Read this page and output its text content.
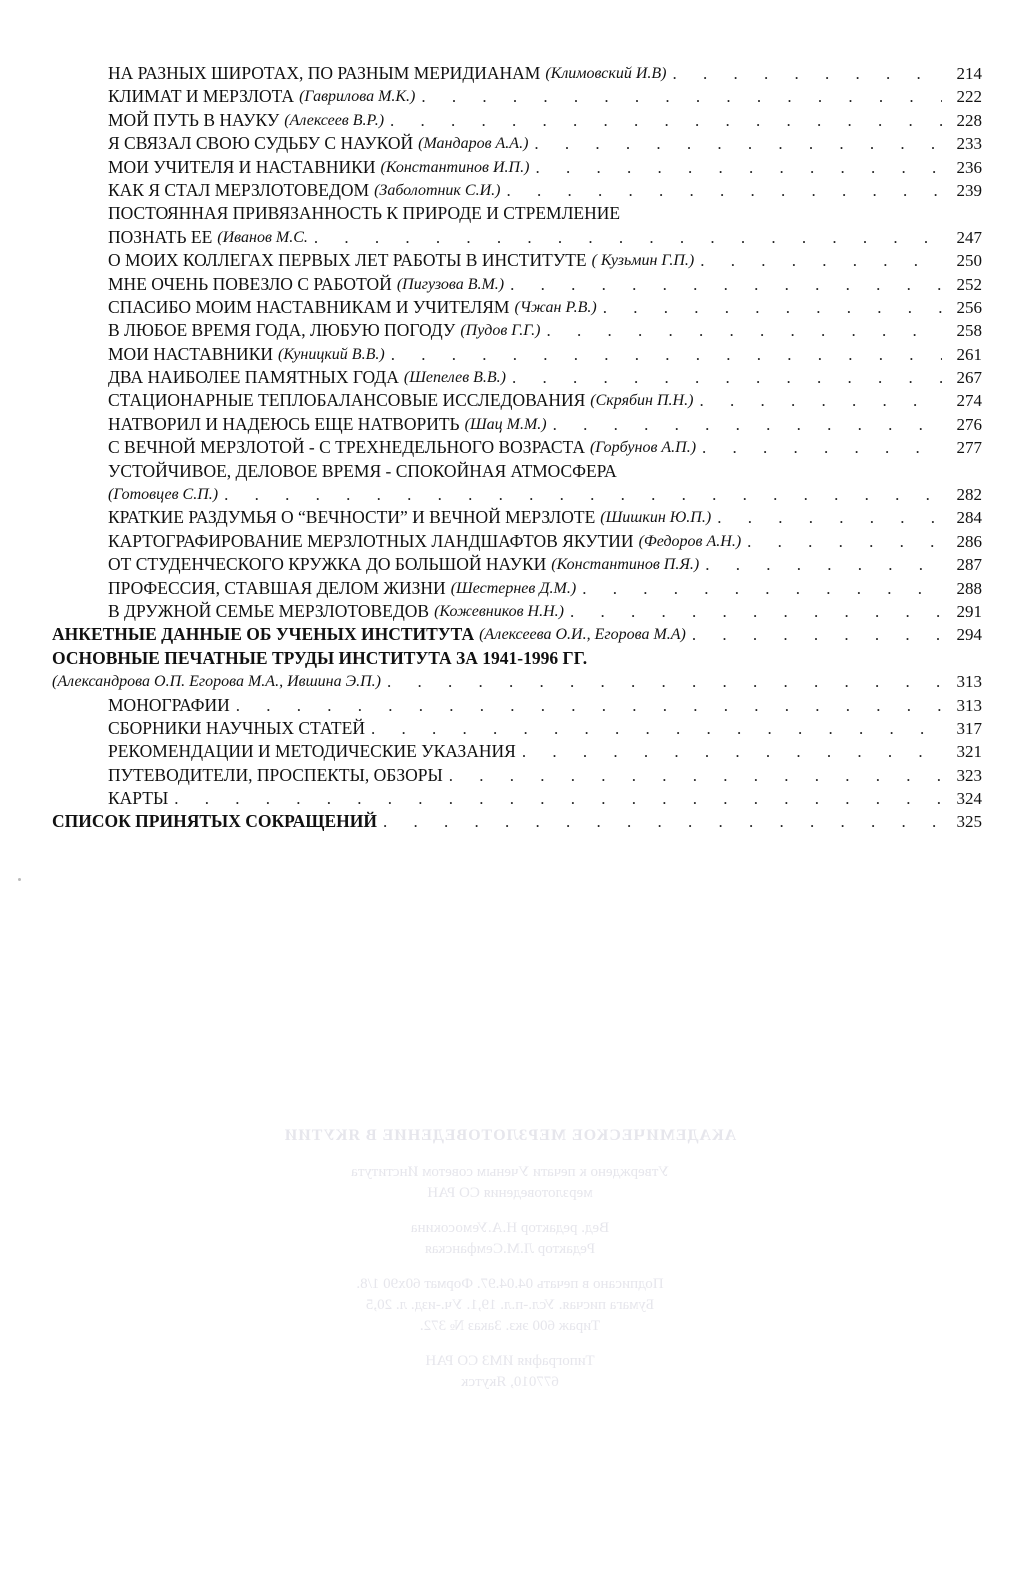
НА РАЗНЫХ ШИРОТАХ, ПО РАЗНЫМ МЕРИДИАНАМ (Климовский И.В) . . .	214
КЛИМАТ И МЕРЗЛОТА (Гаврилова М.К.) . . .	222
МОЙ ПУТЬ В НАУКУ (Алексеев В.Р.) . . .	228
Я СВЯЗАЛ СВОЮ СУДЬБУ С НАУКОЙ (Мандаров А.А.) . . .	233
МОИ УЧИТЕЛЯ И НАСТАВНИКИ (Константинов И.П.) . . .	236
КАК Я СТАЛ МЕРЗЛОТОВЕДОМ (Заболотник С.И.) . . .	239
ПОСТОЯННАЯ ПРИВЯЗАННОСТЬ К ПРИРОДЕ И СТРЕМЛЕНИЕ
ПОЗНАТЬ ЕЕ (Иванов М.С. . . .	247
О МОИХ КОЛЛЕГАХ ПЕРВЫХ ЛЕТ РАБОТЫ В ИНСТИТУТЕ ( Кузьмин Г.П.) . . .	250
МНЕ ОЧЕНЬ ПОВЕЗЛО С РАБОТОЙ (Пигузова В.М.) . . .	252
СПАСИБО МОИМ НАСТАВНИКАМ И УЧИТЕЛЯМ (Чжан Р.В.) . . .	256
В ЛЮБОЕ ВРЕМЯ ГОДА, ЛЮБУЮ ПОГОДУ (Пудов Г.Г.) . . .	258
МОИ НАСТАВНИКИ (Куницкий В.В.) . . .	261
ДВА НАИБОЛЕЕ ПАМЯТНЫХ ГОДА (Шепелев В.В.) . . .	267
СТАЦИОНАРНЫЕ ТЕПЛОБАЛАНСОВЫЕ ИССЛЕДОВАНИЯ (Скрябин П.Н.) . . .	274
НАТВОРИЛ И НАДЕЮСЬ ЕЩЕ НАТВОРИТЬ (Шац М.М.) . . .	276
С ВЕЧНОЙ МЕРЗЛОТОЙ - С ТРЕХНЕДЕЛЬНОГО ВОЗРАСТА (Горбунов А.П.) . . .	277
УСТОЙЧИВОЕ, ДЕЛОВОЕ ВРЕМЯ - СПОКОЙНАЯ АТМОСФЕРА
(Готовцев С.П.) . . .	282
КРАТКИЕ РАЗДУМЬЯ О “ВЕЧНОСТИ” И ВЕЧНОЙ МЕРЗЛОТЕ (Шишкин Ю.П.) . . .	284
КАРТОГРАФИРОВАНИЕ МЕРЗЛОТНЫХ ЛАНДШАФТОВ ЯКУТИИ (Федоров А.Н.) . . .	286
ОТ СТУДЕНЧЕСКОГО КРУЖКА ДО БОЛЬШОЙ НАУКИ (Константинов П.Я.) . . .	287
ПРОФЕССИЯ, СТАВШАЯ ДЕЛОМ ЖИЗНИ (Шестернев Д.М.) . . .	288
В ДРУЖНОЙ СЕМЬЕ МЕРЗЛОТОВЕДОВ (Кожевников Н.Н.) . . .	291
АНКЕТНЫЕ ДАННЫЕ ОБ УЧЕНЫХ ИНСТИТУТА (Алексеева О.И., Егорова М.А) . . .	294
ОСНОВНЫЕ ПЕЧАТНЫЕ ТРУДЫ ИНСТИТУТА ЗА 1941-1996 ГГ.
(Александрова О.П. Егорова М.А., Ившина Э.П.) . . .	313
МОНОГРАФИИ . . .	313
СБОРНИКИ НАУЧНЫХ СТАТЕЙ . . .	317
РЕКОМЕНДАЦИИ И МЕТОДИЧЕСКИЕ УКАЗАНИЯ . . .	321
ПУТЕВОДИТЕЛИ, ПРОСПЕКТЫ, ОБЗОРЫ . . .	323
КАРТЫ . . .	324
СПИСОК ПРИНЯТЫХ СОКРАЩЕНИЙ . . .	325
АКАДЕМИЧЕСКОЕ МЕРЗЛОТОВЕДЕНИЕ В ЯКУТИИ
Утверждено к печати Ученым советом Института
мерзлотоведения СО РАН
Вед. редактор Н.А.Уемосокина
Редактор Л.М.Семфанская
Подписано в печать 04.04.97. Формат 60х90 1/8.
Бумага писчая. Усл.-п.л. 19,1. Уч.-изд. л. 20,5
Тираж 600 экз. Заказ № 372.
Типография ИМЗ СО РАН
677010, Якутск
